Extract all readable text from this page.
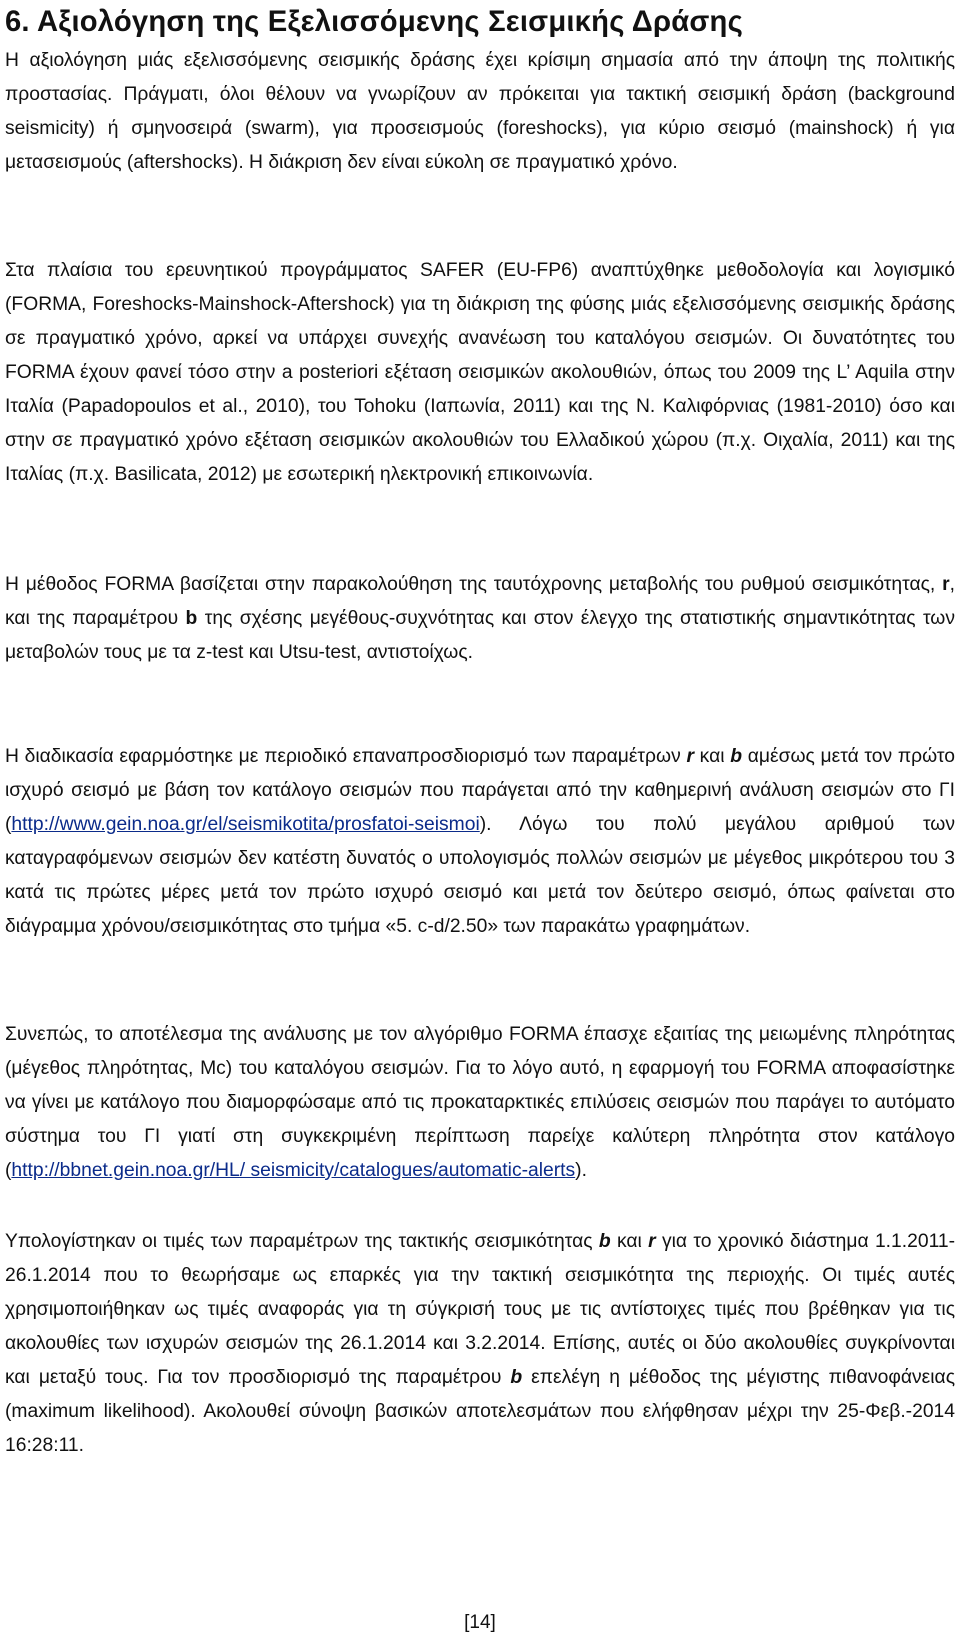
6. Αξιολόγηση της Εξελισσόμενης Σεισμικής Δράσης

Η αξιολόγηση μιάς εξελισσόμενης σεισμικής δράσης έχει κρίσιμη σημασία από την άποψη της πολιτικής προστασίας. Πράγματι, όλοι θέλουν να γνωρίζουν αν πρόκειται για τακτική σεισμική δράση (background seismicity) ή σμηνοσειρά (swarm), για προσεισμούς (foreshocks), για κύριο σεισμό (mainshock) ή για μετασεισμούς (aftershocks). Η διάκριση δεν είναι εύκολη σε πραγματικό χρόνο.

Στα πλαίσια του ερευνητικού προγράμματος SAFER (EU-FP6) αναπτύχθηκε μεθοδολογία και λογισμικό (FORMA, Foreshocks-Mainshock-Aftershock) για τη διάκριση της φύσης μιάς εξελισσόμενης σεισμικής δράσης σε πραγματικό χρόνο, αρκεί να υπάρχει συνεχής ανανέωση του καταλόγου σεισμών. Οι δυνατότητες του FORMA έχουν φανεί τόσο στην a posteriori εξέταση σεισμικών ακολουθιών, όπως του 2009 της L’ Aquila στην Ιταλία (Papadopoulos et al., 2010), του Tohoku (Ιαπωνία, 2011) και της Ν. Καλιφόρνιας (1981-2010) όσο και στην σε πραγματικό χρόνο εξέταση σεισμικών ακολουθιών του Ελλαδικού χώρου (π.χ. Οιχαλία, 2011) και της Ιταλίας (π.χ. Basilicata, 2012) με εσωτερική ηλεκτρονική επικοινωνία.

Η μέθοδος FORMA βασίζεται στην παρακολούθηση της ταυτόχρονης μεταβολής του ρυθμού σεισμικότητας, r, και της παραμέτρου b της σχέσης μεγέθους-συχνότητας και στον έλεγχο της στατιστικής σημαντικότητας των μεταβολών τους με τα z-test και Utsu-test, αντιστοίχως.

Η διαδικασία εφαρμόστηκε με περιοδικό επαναπροσδιορισμό των παραμέτρων r και b αμέσως μετά τον πρώτο ισχυρό σεισμό με βάση τον κατάλογο σεισμών που παράγεται από την καθημερινή ανάλυση σεισμών στο ΓΙ (http://www.gein.noa.gr/el/seismikotita/prosfatoi-seismoi). Λόγω του πολύ μεγάλου αριθμού των καταγραφόμενων σεισμών δεν κατέστη δυνατός ο υπολογισμός πολλών σεισμών με μέγεθος μικρότερου του 3 κατά τις πρώτες μέρες μετά τον πρώτο ισχυρό σεισμό και μετά τον δεύτερο σεισμό, όπως φαίνεται στο διάγραμμα χρόνου/σεισμικότητας στο τμήμα «5. c-d/2.50» των παρακάτω γραφημάτων.

Συνεπώς, το αποτέλεσμα της ανάλυσης με τον αλγόριθμο FORMA έπασχε εξαιτίας της μειωμένης πληρότητας (μέγεθος πληρότητας, Mc) του καταλόγου σεισμών. Για το λόγο αυτό, η εφαρμογή του FORMA αποφασίστηκε να γίνει με κατάλογο που διαμορφώσαμε από τις προκαταρκτικές επιλύσεις σεισμών που παράγει το αυτόματο σύστημα του ΓΙ γιατί στη συγκεκριμένη περίπτωση παρείχε καλύτερη πληρότητα στον κατάλογο (http://bbnet.gein.noa.gr/HL/ seismicity/catalogues/automatic-alerts).

Υπολογίστηκαν οι τιμές των παραμέτρων της τακτικής σεισμικότητας b και r για το χρονικό διάστημα 1.1.2011-26.1.2014 που το θεωρήσαμε ως επαρκές για την τακτική σεισμικότητα της περιοχής. Οι τιμές αυτές χρησιμοποιήθηκαν ως τιμές αναφοράς για τη σύγκρισή τους με τις αντίστοιχες τιμές που βρέθηκαν για τις ακολουθίες των ισχυρών σεισμών της 26.1.2014 και 3.2.2014. Επίσης, αυτές οι δύο ακολουθίες συγκρίνονται και μεταξύ τους. Για τον προσδιορισμό της παραμέτρου b επελέγη η μέθοδος της μέγιστης πιθανοφάνειας (maximum likelihood). Ακολουθεί σύνοψη βασικών αποτελεσμάτων που ελήφθησαν μέχρι την 25-Φεβ.-2014 16:28:11.

[14]
